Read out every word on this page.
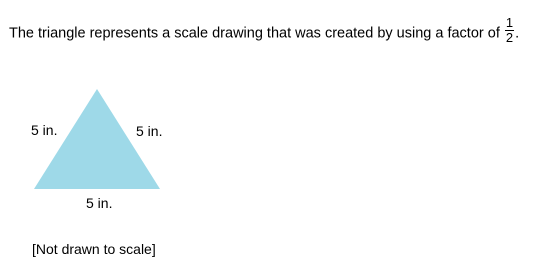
The triangle represents a scale drawing that was created by using a factor of $\frac{1}{2}$ .
5 in.	5 in.
5 in.
[Not drawn to scale]
